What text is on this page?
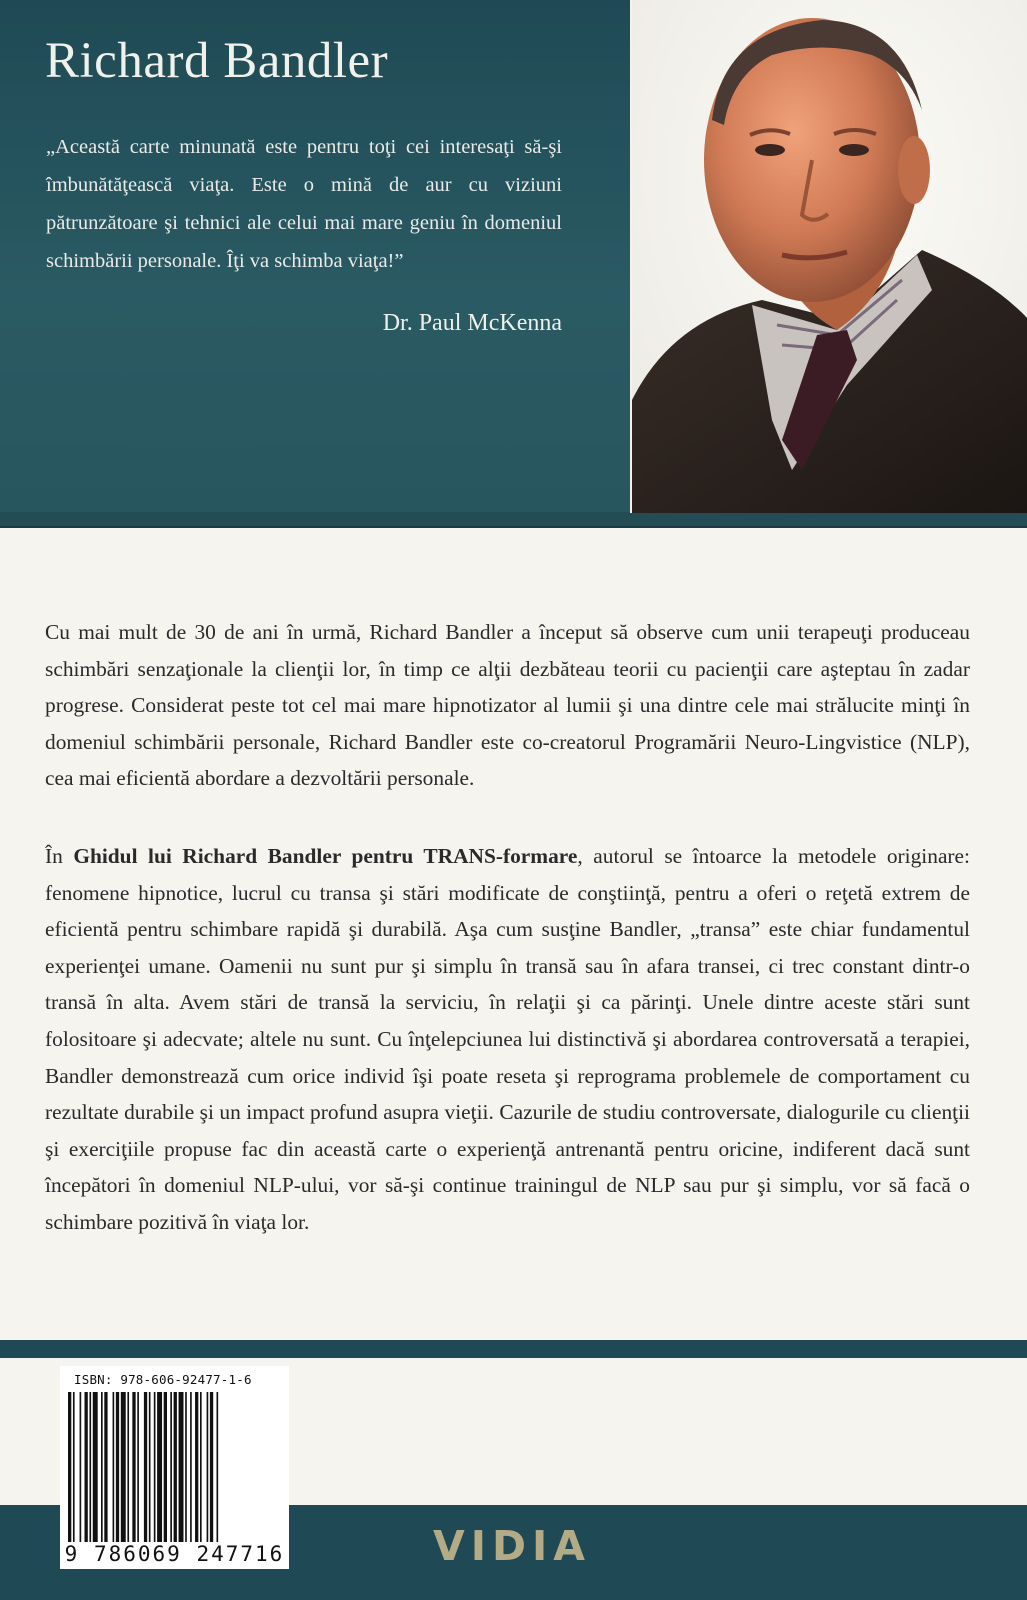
Richard Bandler

„Această carte minunată este pentru toţi cei interesaţi să-şi îmbunătăţească viaţa. Este o mină de aur cu viziuni pătrunzătoare şi tehnici ale celui mai mare geniu în domeniul schimbării personale. Îţi va schimba viaţa!”

Dr. Paul McKenna

Cu mai mult de 30 de ani în urmă, Richard Bandler a început să observe cum unii terapeuţi produceau schimbări senzaţionale la clienţii lor, în timp ce alţii dezbăteau teorii cu pacienţii care aşteptau în zadar progrese. Considerat peste tot cel mai mare hipnotizator al lumii şi una dintre cele mai strălucite minţi în domeniul schimbării personale, Richard Bandler este co-creatorul Programării Neuro-Lingvistice (NLP), cea mai eficientă abordare a dezvoltării personale.

În Ghidul lui Richard Bandler pentru TRANS-formare, autorul se întoarce la metodele originare: fenomene hipnotice, lucrul cu transa şi stări modificate de conştiinţă, pentru a oferi o reţetă extrem de eficientă pentru schimbare rapidă şi durabilă. Aşa cum susţine Bandler, „transa” este chiar fundamentul experienţei umane. Oamenii nu sunt pur şi simplu în transă sau în afara transei, ci trec constant dintr-o transă în alta. Avem stări de transă la serviciu, în relaţii şi ca părinţi. Unele dintre aceste stări sunt folositoare şi adecvate; altele nu sunt. Cu înţelepciunea lui distinctivă şi abordarea controversată a terapiei, Bandler demonstrează cum orice individ îşi poate reseta şi reprograma problemele de comportament cu rezultate durabile şi un impact profund asupra vieţii. Cazurile de studiu controversate, dialogurile cu clienţii şi exerciţiile propuse fac din această carte o experienţă antrenantă pentru oricine, indiferent dacă sunt începători în domeniul NLP-ului, vor să-şi continue trainingul de NLP sau pur şi simplu, vor să facă o schimbare pozitivă în viaţa lor.

ISBN: 978-606-92477-1-6
9 786069 247716	VIDIA
